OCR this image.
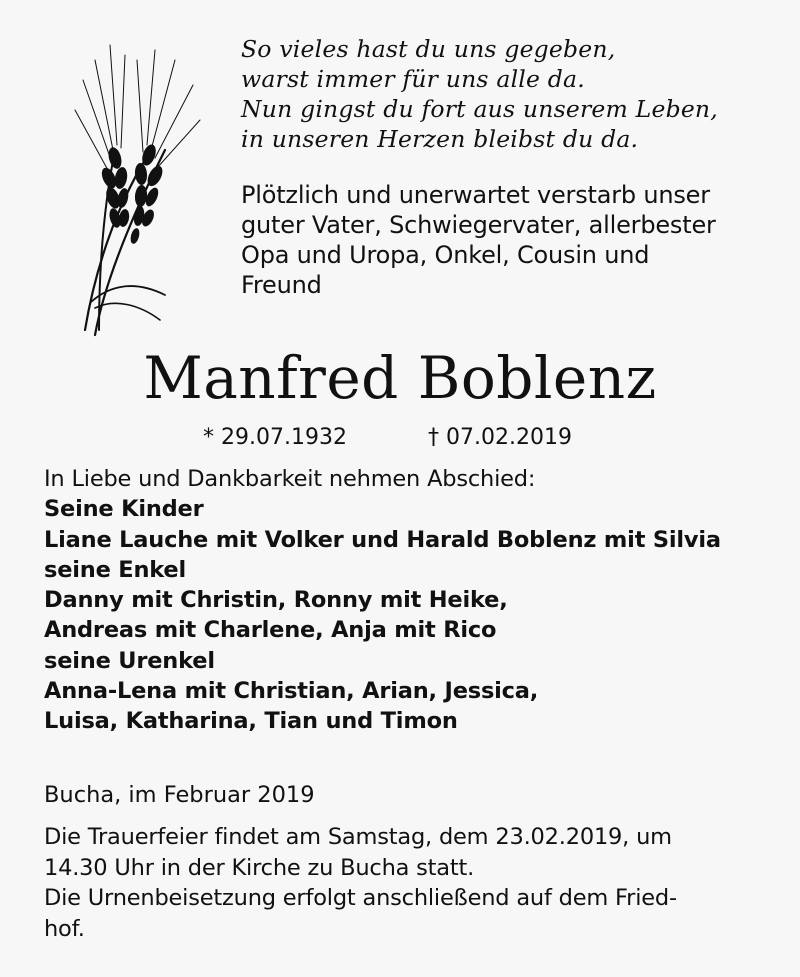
So vieles hast du uns gegeben,
warst immer für uns alle da.
Nun gingst du fort aus unserem Leben,
in unseren Herzen bleibst du da.
Plötzlich und unerwartet verstarb unser
guter Vater, Schwiegervater, allerbester
Opa und Uropa, Onkel, Cousin und
Freund
Manfred Boblenz
* 29.07.1932	† 07.02.2019
In Liebe und Dankbarkeit nehmen Abschied:
Seine Kinder
Liane Lauche mit Volker und Harald Boblenz mit Silvia
seine Enkel
Danny mit Christin, Ronny mit Heike,
Andreas mit Charlene, Anja mit Rico
seine Urenkel
Anna-Lena mit Christian, Arian, Jessica,
Luisa, Katharina, Tian und Timon
Bucha, im Februar 2019
Die Trauerfeier findet am Samstag, dem 23.02.2019, um
14.30 Uhr in der Kirche zu Bucha statt.
Die Urnenbeisetzung erfolgt anschließend auf dem Fried-
hof.
